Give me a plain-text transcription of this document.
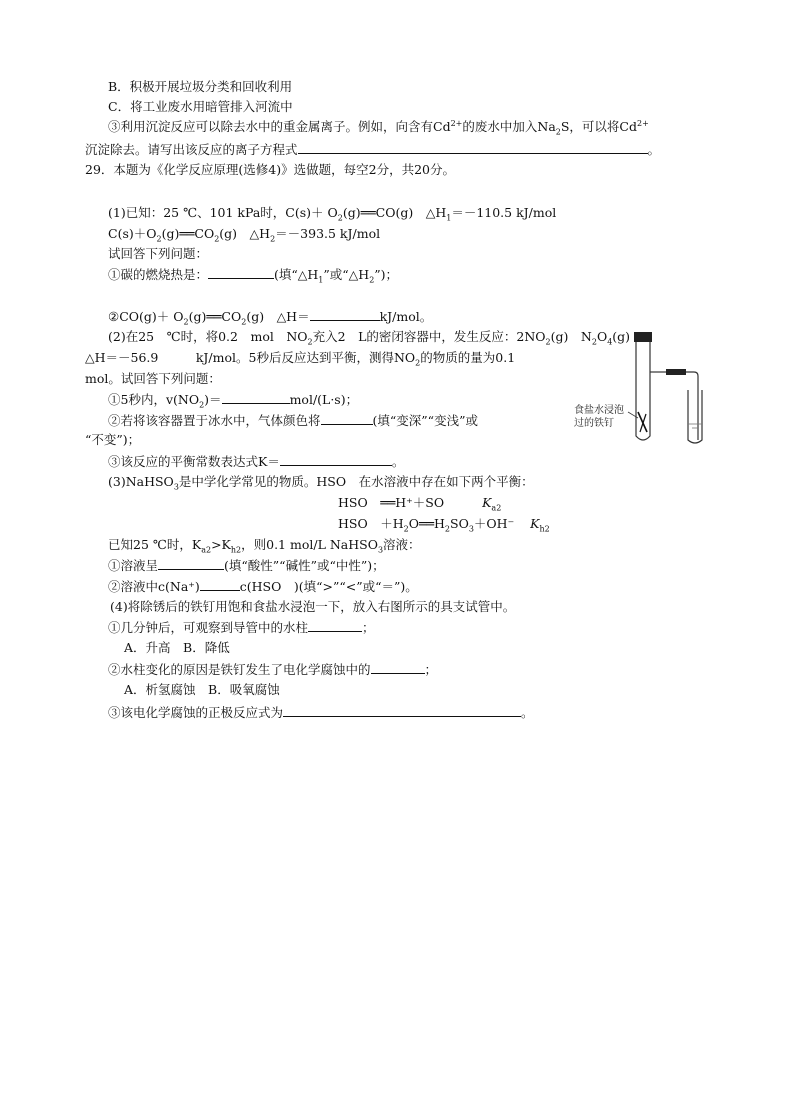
B．积极开展垃圾分类和回收利用
C．将工业废水用暗管排入河流中
③利用沉淀反应可以除去水中的重金属离子。例如，向含有$Cd^{2+}$的废水中加入$Na_2S$，可以将$Cd^{2+}$
沉淀除去。请写出该反应的离子方程式	。
29．本题为《化学反应原理(选修4)》选做题，每空2分，共20分。
(1)已知：25 ℃、101 kPa时，$C(s)+ O_2(g)══CO(g)$　$\triangle H_1=-110.5$ kJ/mol
$C(s)+O_2(g)══CO_2(g)$　$\triangle H_2=-393.5$ kJ/mol
试回答下列问题：
①碳的燃烧热是：	(填“$\triangle H_1$”或“$\triangle H_2$”)；
②CO(g)＋ $O_2(g)══CO_2(g)$　△H＝	kJ/mol。
(2)在25　℃时，将0.2　mol　$NO_2$充入2　L的密闭容器中，发生反应：$2NO_2(g)$　$N_2O_4(g)$
△H＝－56.9　　　kJ/mol。5秒后反应达到平衡，测得$NO_2$的物质的量为0.1
mol。试回答下列问题：
①5秒内，$v(NO_2)=$	mol/(L·s)；
②若将该容器置于冰水中，气体颜色将	(填“变深”“变浅”或
“不变”)；
③该反应的平衡常数表达式K＝	。
(3)NaHSO$_3$是中学化学常见的物质。HSO　在水溶液中存在如下两个平衡：
HSO　══H⁺＋SO	$K_{a2}$
HSO　$+H_2O══H_2SO_3+OH^-$ $K_{h2}$
已知25 ℃时，$K_{a2}>K_{h2}$，则0.1 mol/L NaHSO$_3$溶液：
①溶液呈	(填“酸性”“碱性”或“中性”)；
②溶液中c(Na⁺)	c(HSO　)(填“>”“<”或“＝”)。
(4)将除锈后的铁钉用饱和食盐水浸泡一下，放入右图所示的具支试管中。
①几分钟后，可观察到导管中的水柱	；
A．升高　B．降低
②水柱变化的原因是铁钉发生了电化学腐蚀中的	；
A．析氢腐蚀　B．吸氧腐蚀
③该电化学腐蚀的正极反应式为	。
食盐水浸泡
过的铁钉
